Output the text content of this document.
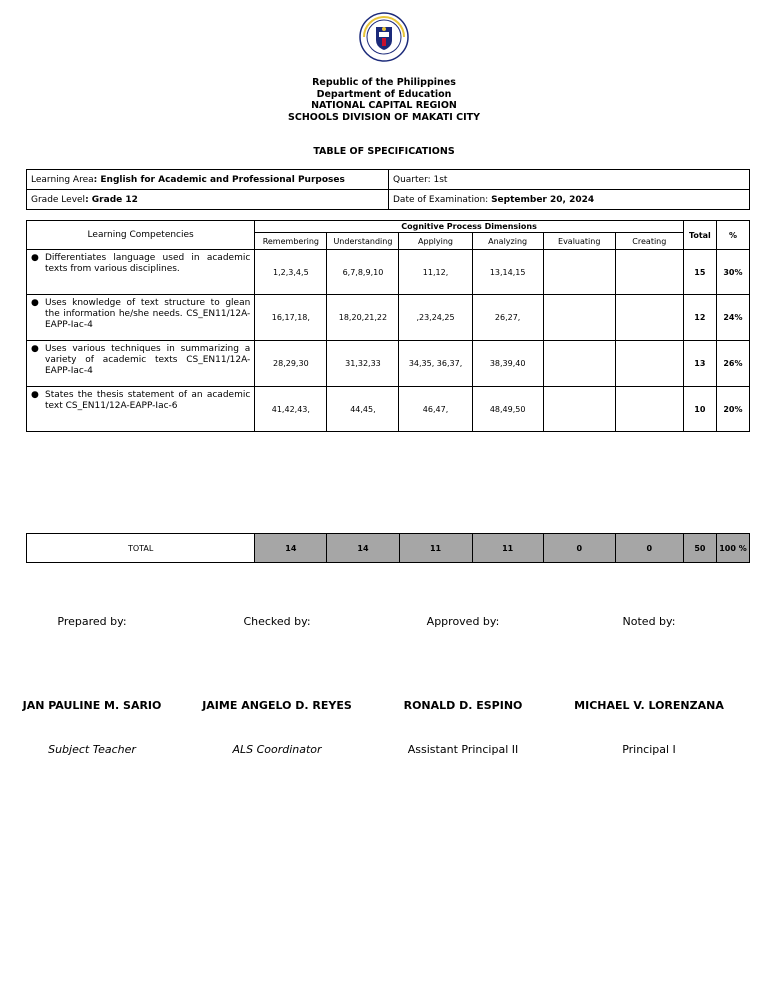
Republic of the Philippines
Department of Education
NATIONAL CAPITAL REGION
SCHOOLS DIVISION OF MAKATI CITY
TABLE OF SPECIFICATIONS
Learning Area: English for Academic and Professional Purposes	Quarter: 1st
Grade Level: Grade 12	Date of Examination: September 20, 2024
Learning Competencies	Cognitive Process Dimensions						Total	%
	Remembering	Understanding	Applying	Analyzing	Evaluating	Creating		

● Differentiates language used in academic texts from various disciplines.	1,2,3,4,5	6,7,8,9,10	11,12,	13,14,15			15	30%

● Uses knowledge of text structure to glean the information he/she needs. CS_EN11/12A-EAPP-Iac-4	16,17,18,	18,20,21,22	,23,24,25	26,27,			12	24%

● Uses various techniques in summarizing a variety of academic texts CS_EN11/12A-EAPP-Iac-4	28,29,30	31,32,33	34,35, 36,37,	38,39,40			13	26%

● States the thesis statement of an academic text CS_EN11/12A-EAPP-Iac-6	41,42,43,	44,45,	46,47,	48,49,50			10	20%
TOTAL	14	14	11	11	0	0	50	100 %
Prepared by:
JAN PAULINE M. SARIO
Subject Teacher
Checked by:
JAIME ANGELO D. REYES
ALS Coordinator
Approved by:
RONALD D. ESPINO
Assistant Principal II
Noted by:
MICHAEL V. LORENZANA
Principal I
